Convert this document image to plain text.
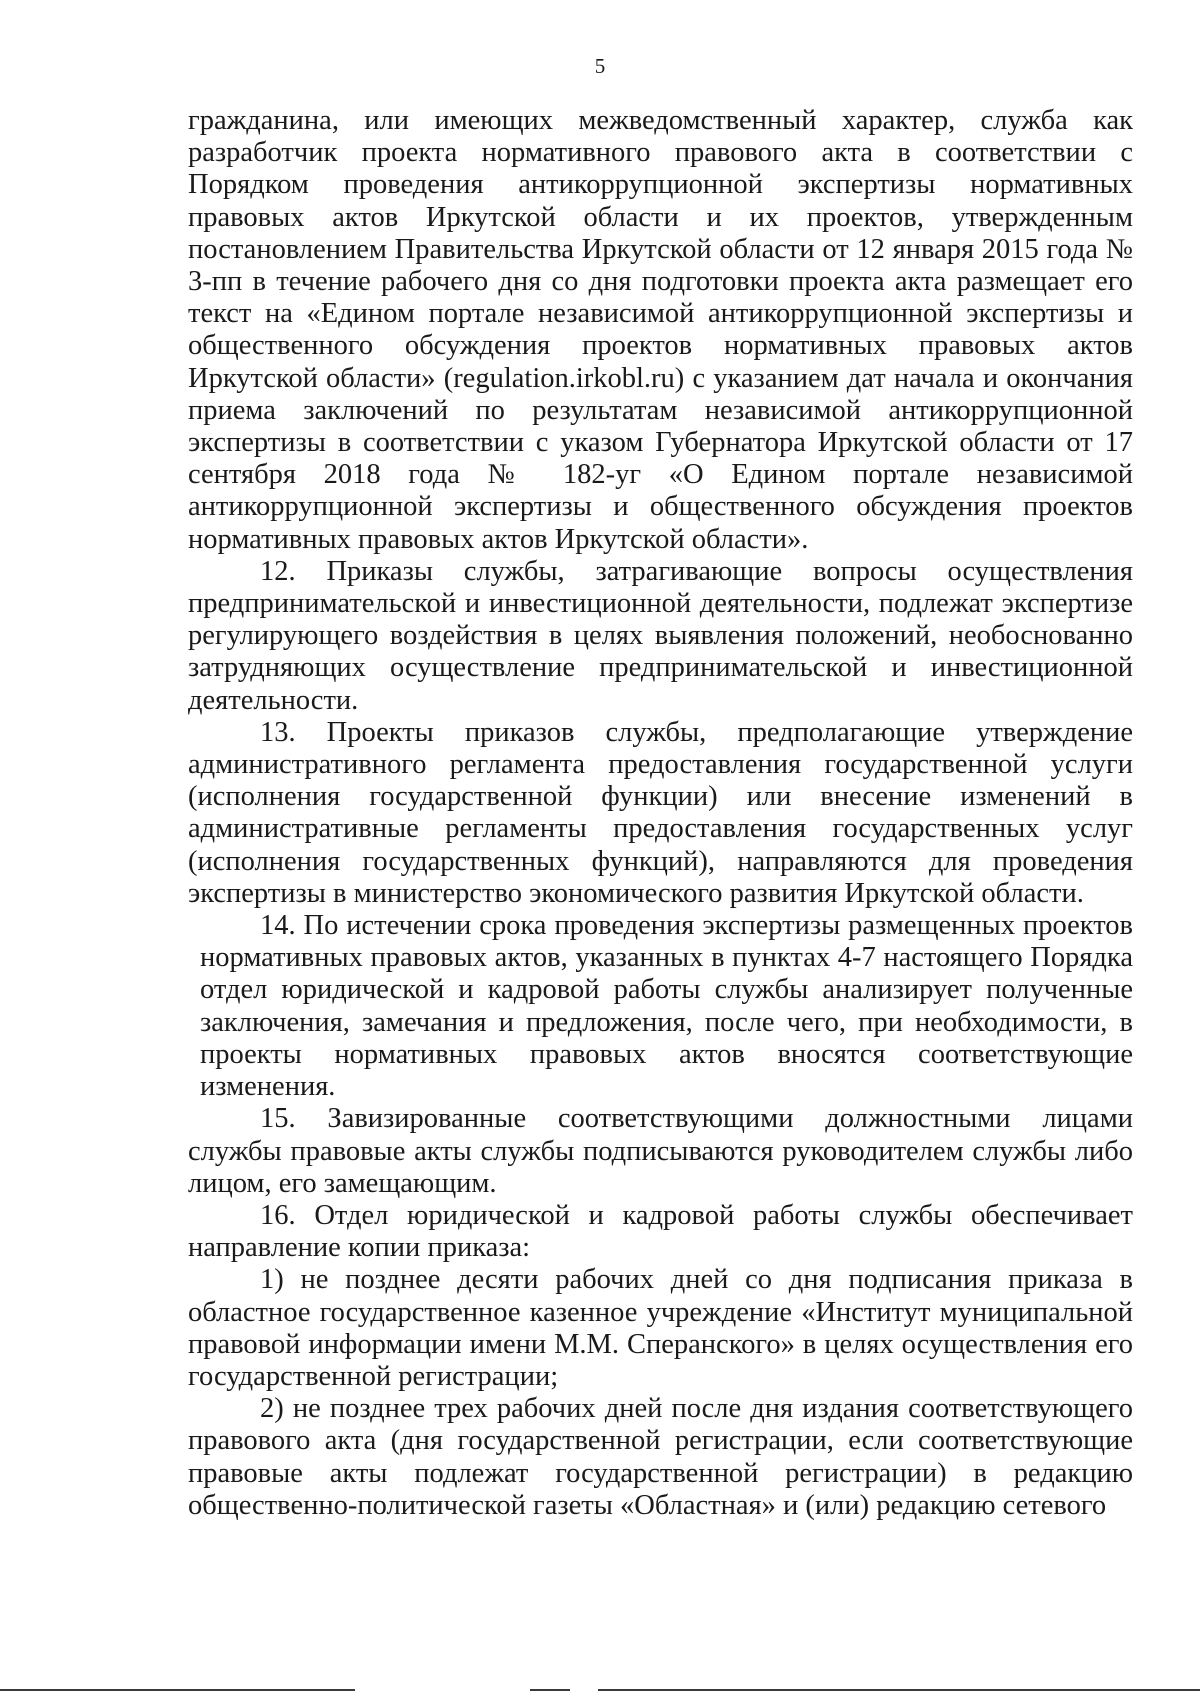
5

гражданина, или имеющих межведомственный характер, служба как разработчик проекта нормативного правового акта в соответствии с Порядком проведения антикоррупционной экспертизы нормативных правовых актов Иркутской области и их проектов, утвержденным постановлением Правительства Иркутской области от 12 января 2015 года № 3-пп в течение рабочего дня со дня подготовки проекта акта размещает его текст на «Едином портале независимой антикоррупционной экспертизы и общественного обсуждения проектов нормативных правовых актов Иркутской области» (regulation.irkobl.ru) с указанием дат начала и окончания приема заключений по результатам независимой антикоррупционной экспертизы в соответствии с указом Губернатора Иркутской области от 17 сентября 2018 года № 182-уг «О Едином портале независимой антикоррупционной экспертизы и общественного обсуждения проектов нормативных правовых актов Иркутской области».

12. Приказы службы, затрагивающие вопросы осуществления предпринимательской и инвестиционной деятельности, подлежат экспертизе регулирующего воздействия в целях выявления положений, необоснованно затрудняющих осуществление предпринимательской и инвестиционной деятельности.

13. Проекты приказов службы, предполагающие утверждение административного регламента предоставления государственной услуги (исполнения государственной функции) или внесение изменений в административные регламенты предоставления государственных услуг (исполнения государственных функций), направляются для проведения экспертизы в министерство экономического развития Иркутской области.

14. По истечении срока проведения экспертизы размещенных проектов нормативных правовых актов, указанных в пунктах 4-7 настоящего Порядка отдел юридической и кадровой работы службы анализирует полученные заключения, замечания и предложения, после чего, при необходимости, в проекты нормативных правовых актов вносятся соответствующие изменения.

15. Завизированные соответствующими должностными лицами службы правовые акты службы подписываются руководителем службы либо лицом, его замещающим.

16. Отдел юридической и кадровой работы службы обеспечивает направление копии приказа:

1) не позднее десяти рабочих дней со дня подписания приказа в областное государственное казенное учреждение «Институт муниципальной правовой информации имени М.М. Сперанского» в целях осуществления его государственной регистрации;

2) не позднее трех рабочих дней после дня издания соответствующего правового акта (дня государственной регистрации, если соответствующие правовые акты подлежат государственной регистрации) в редакцию общественно-политической газеты «Областная» и (или) редакцию сетевого
